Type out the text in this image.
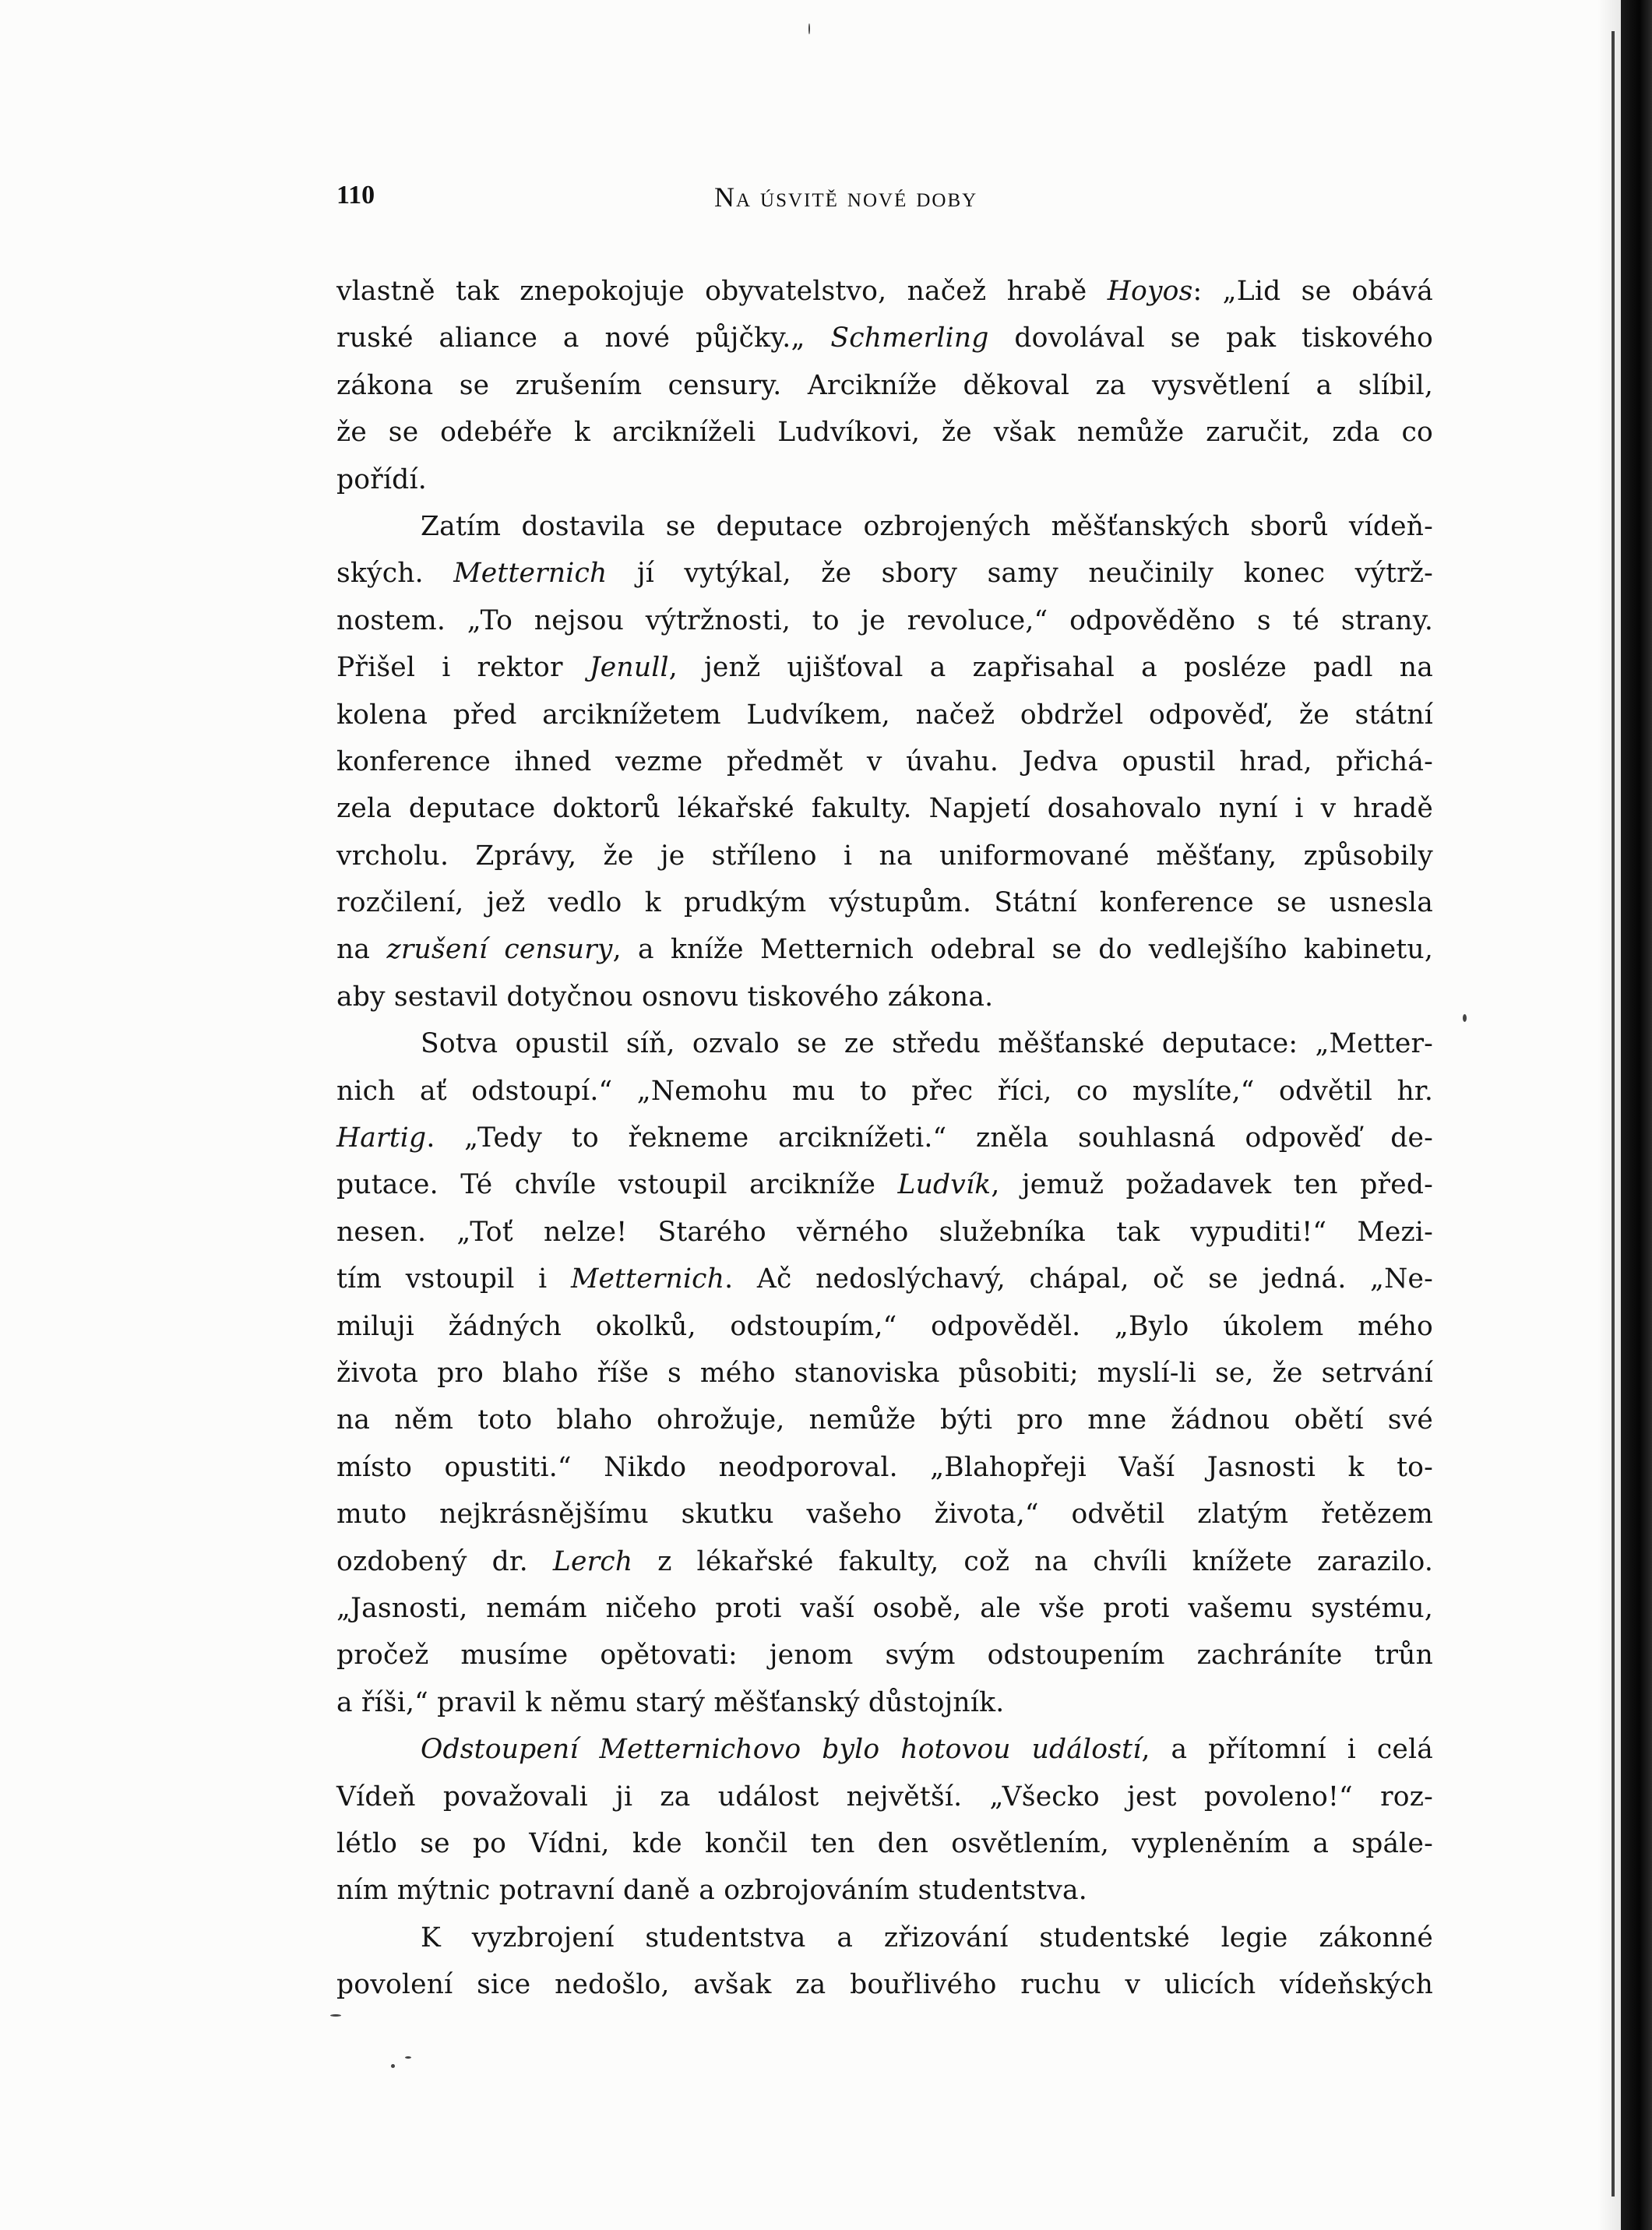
110	Na úsvitě nové doby
vlastně tak znepokojuje obyvatelstvo, načež hrabě Hoyos: „Lid se obává
ruské aliance a nové půjčky.„ Schmerling dovolával se pak tiskového
zákona se zrušením censury. Arcikníže děkoval za vysvětlení a slíbil,
že se odebéře k arcikníželi Ludvíkovi, že však nemůže zaručit, zda co
pořídí.
Zatím dostavila se deputace ozbrojených měšťanských sborů vídeň-
ských. Metternich jí vytýkal, že sbory samy neučinily konec výtrž-
nostem. „To nejsou výtržnosti, to je revoluce,“ odpověděno s té strany.
Přišel i rektor Jenull, jenž ujišťoval a zapřisahal a posléze padl na
kolena před arciknížetem Ludvíkem, načež obdržel odpověď, že státní
konference ihned vezme předmět v úvahu. Jedva opustil hrad, přichá-
zela deputace doktorů lékařské fakulty. Napjetí dosahovalo nyní i v hradě
vrcholu. Zprávy, že je stříleno i na uniformované měšťany, způsobily
rozčilení, jež vedlo k prudkým výstupům. Státní konference se usnesla
na zrušení censury, a kníže Metternich odebral se do vedlejšího kabinetu,
aby sestavil dotyčnou osnovu tiskového zákona.
Sotva opustil síň, ozvalo se ze středu měšťanské deputace: „Metter-
nich ať odstoupí.“ „Nemohu mu to přec říci, co myslíte,“ odvětil hr.
Hartig. „Tedy to řekneme arciknížeti.“ zněla souhlasná odpověď de-
putace. Té chvíle vstoupil arcikníže Ludvík, jemuž požadavek ten před-
nesen. „Toť nelze! Starého věrného služebníka tak vypuditi!“ Mezi-
tím vstoupil i Metternich. Ač nedoslýchavý, chápal, oč se jedná. „Ne-
miluji žádných okolků, odstoupím,“ odpověděl. „Bylo úkolem mého
života pro blaho říše s mého stanoviska působiti; myslí-li se, že setrvání
na něm toto blaho ohrožuje, nemůže býti pro mne žádnou obětí své
místo opustiti.“ Nikdo neodporoval. „Blahopřeji Vaší Jasnosti k to-
muto nejkrásnějšímu skutku vašeho života,“ odvětil zlatým řetězem
ozdobený dr. Lerch z lékařské fakulty, což na chvíli knížete zarazilo.
„Jasnosti, nemám ničeho proti vaší osobě, ale vše proti vašemu systému,
pročež musíme opětovati: jenom svým odstoupením zachráníte trůn
a říši,“ pravil k němu starý měšťanský důstojník.
Odstoupení Metternichovo bylo hotovou událostí, a přítomní i celá
Vídeň považovali ji za událost největší. „Všecko jest povoleno!“ roz-
létlo se po Vídni, kde končil ten den osvětlením, vypleněním a spále-
ním mýtnic potravní daně a ozbrojováním studentstva.
K vyzbrojení studentstva a zřizování studentské legie zákonné
povolení sice nedošlo, avšak za bouřlivého ruchu v ulicích vídeňských
